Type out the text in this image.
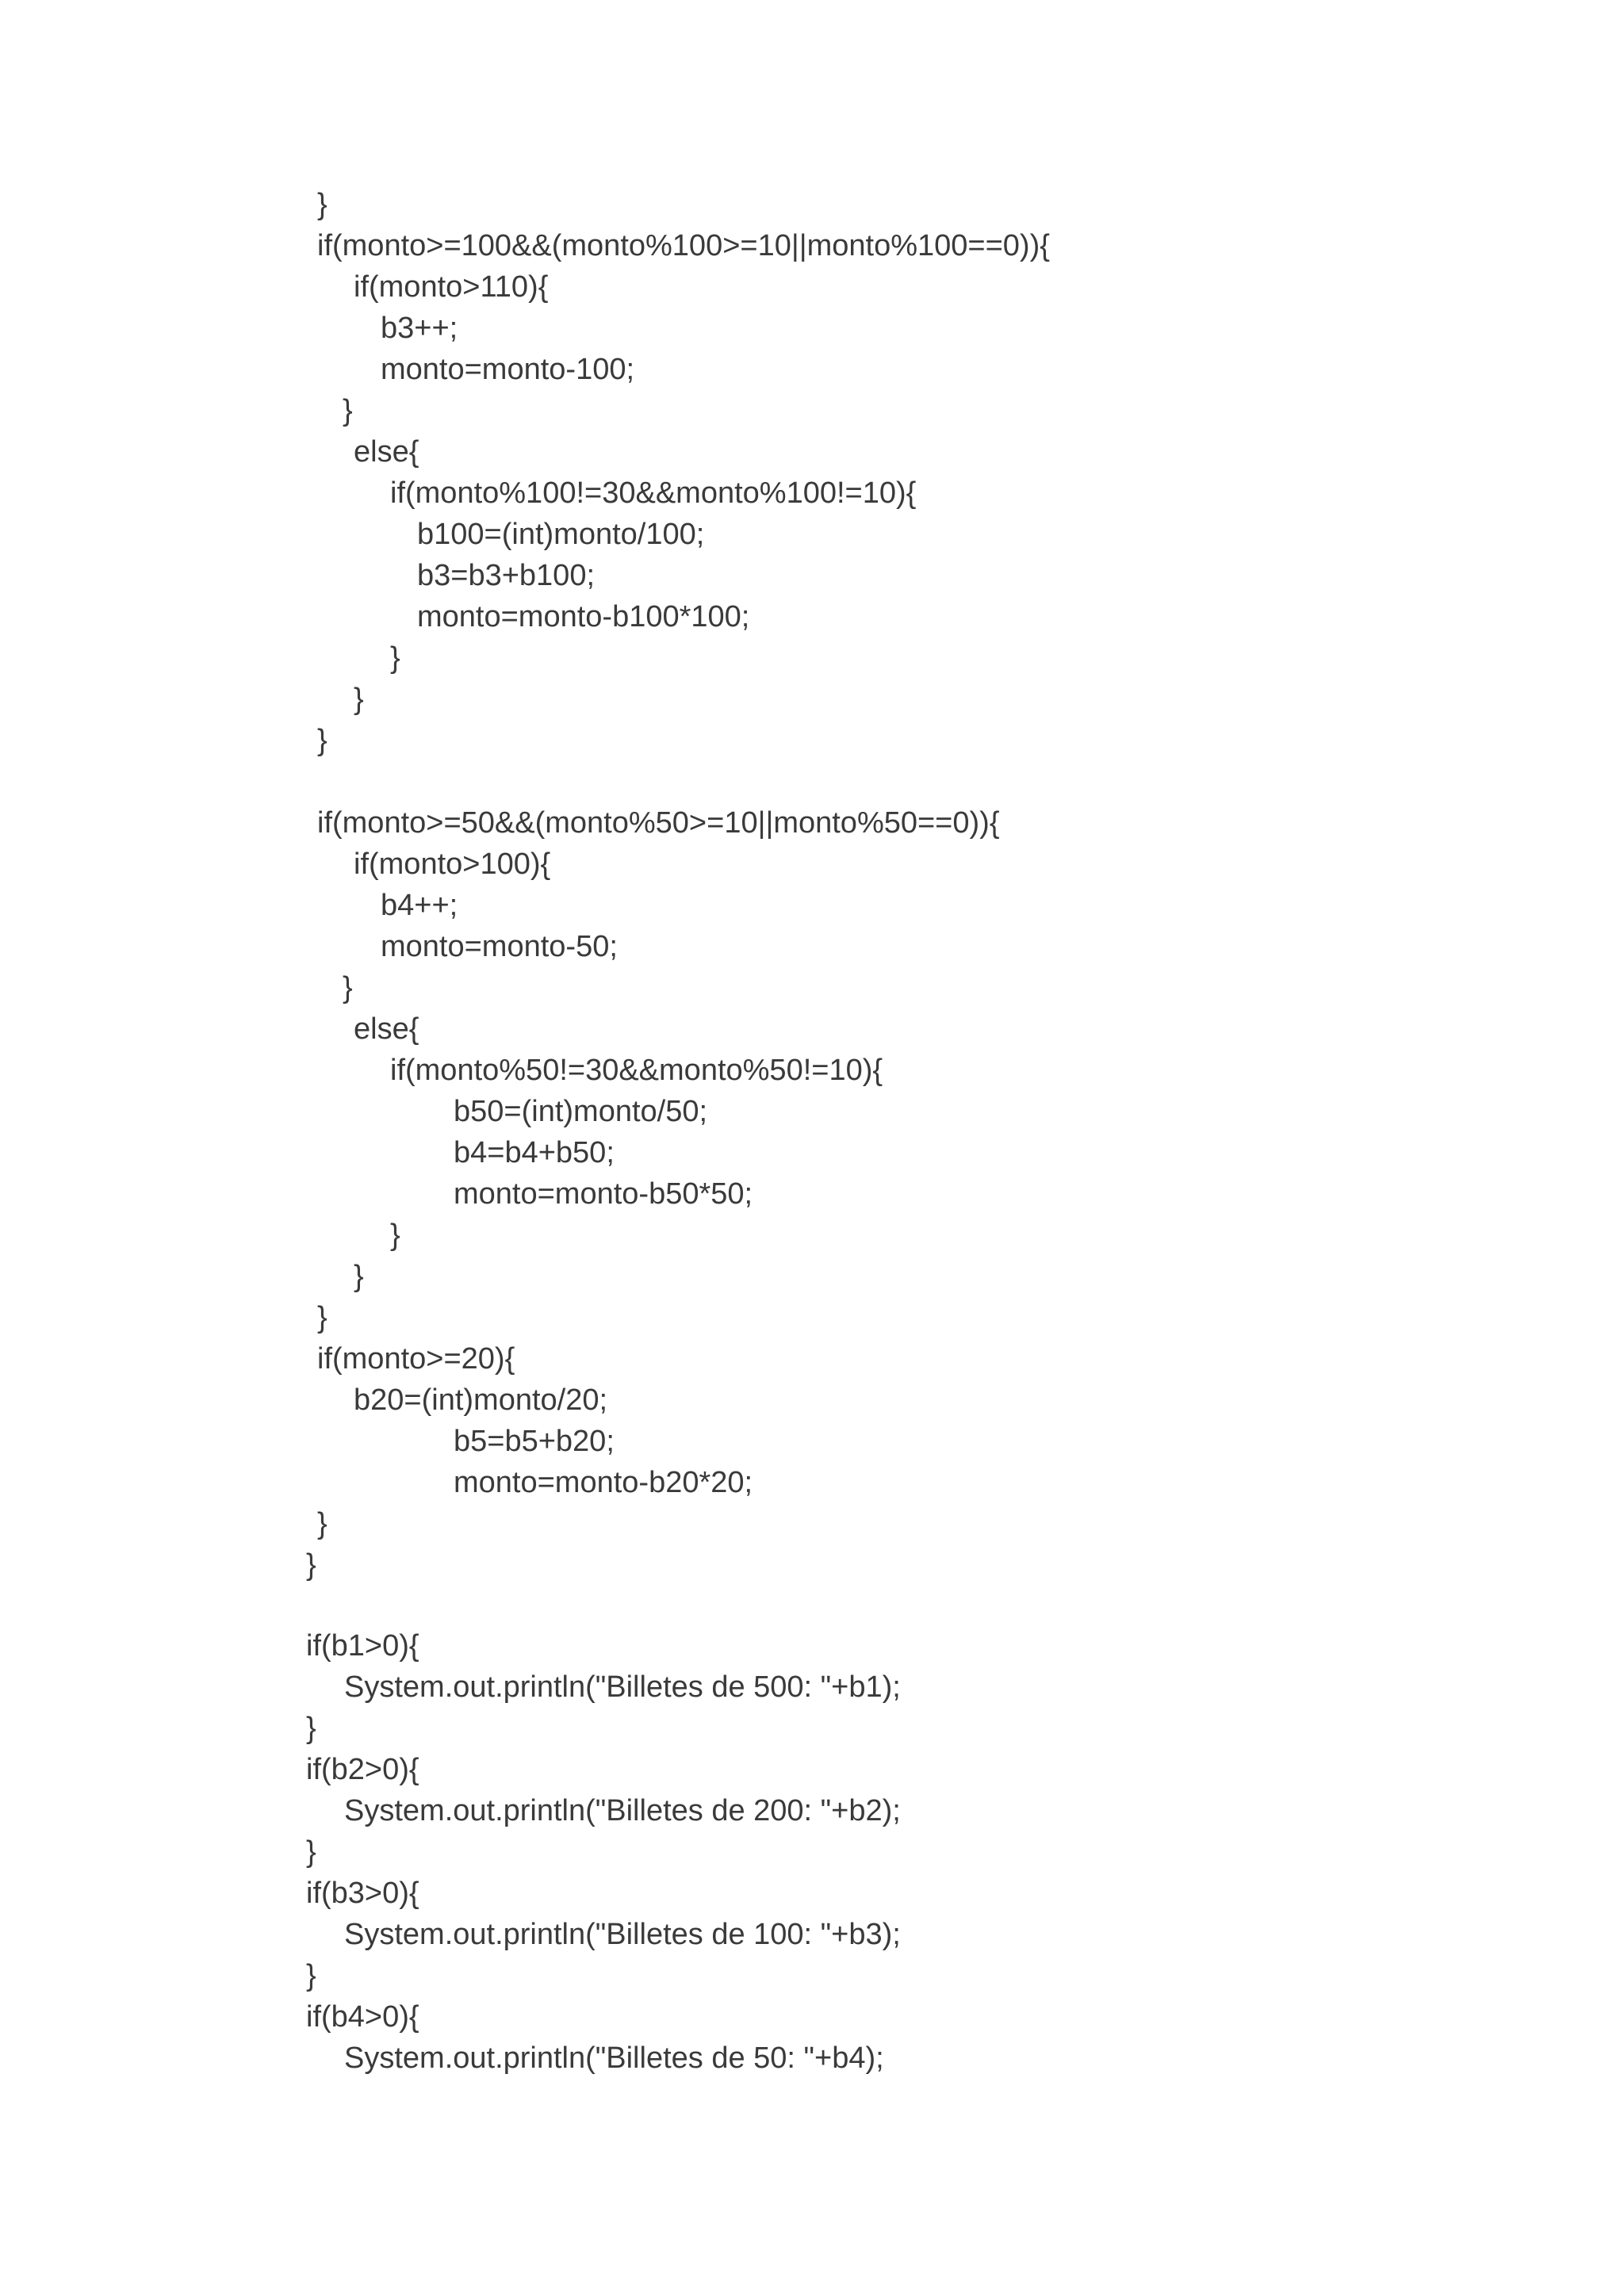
}
if(monto>=100&&(monto%100>=10||monto%100==0)){
if(monto>110){
b3++;
monto=monto-100;
}
else{
if(monto%100!=30&&monto%100!=10){
b100=(int)monto/100;
b3=b3+b100;
monto=monto-b100*100;
}
}
}
if(monto>=50&&(monto%50>=10||monto%50==0)){
if(monto>100){
b4++;
monto=monto-50;
}
else{
if(monto%50!=30&&monto%50!=10){
b50=(int)monto/50;
b4=b4+b50;
monto=monto-b50*50;
}
}
}
if(monto>=20){
b20=(int)monto/20;
b5=b5+b20;
monto=monto-b20*20;
}
}
if(b1>0){
System.out.println("Billetes de 500: "+b1);
}
if(b2>0){
System.out.println("Billetes de 200: "+b2);
}
if(b3>0){
System.out.println("Billetes de 100: "+b3);
}
if(b4>0){
System.out.println("Billetes de 50: "+b4);
